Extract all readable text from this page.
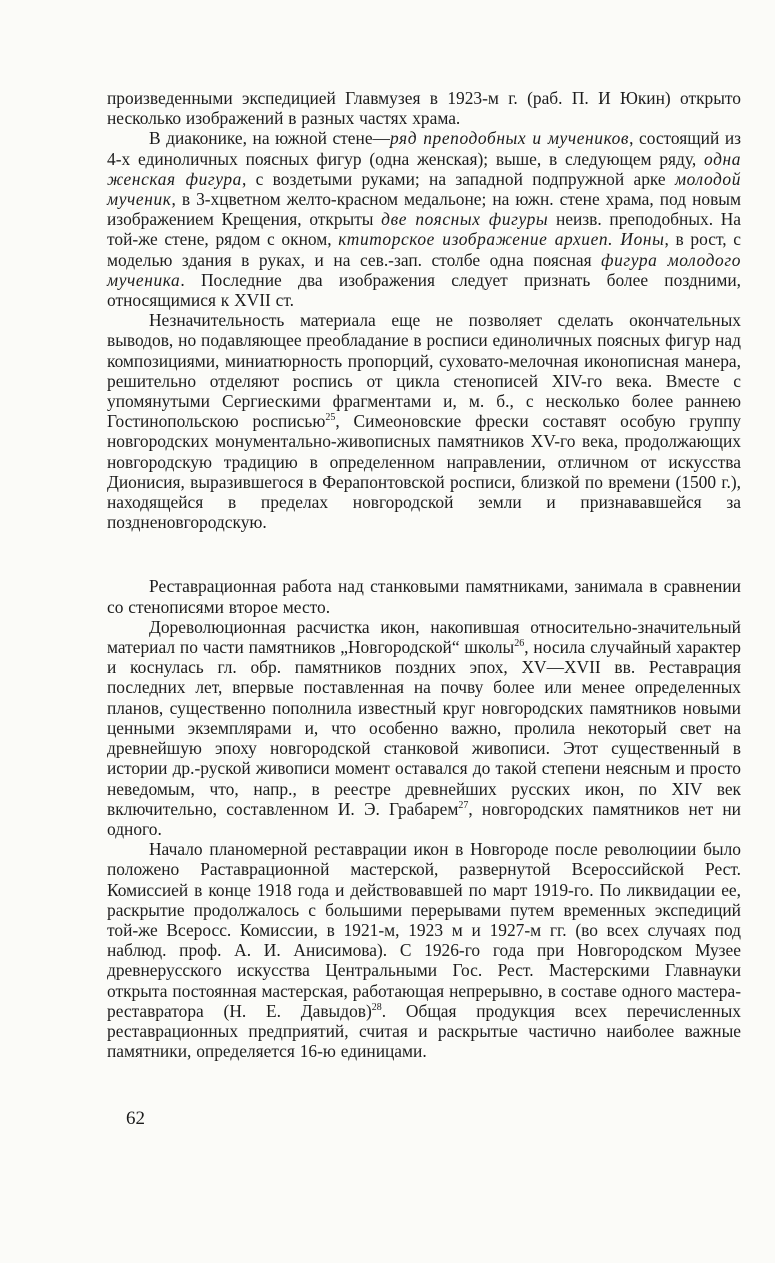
произведенными экспедицией Главмузея в 1923-м г. (раб. П. И Юкин) открыто несколько изображений в разных частях храма.

В диаконике, на южной стене—ряд преподобных и мучеников, состоящий из 4-х единоличных поясных фигур (одна женская); выше, в следующем ряду, одна женская фигура, с воздетыми руками; на западной подпружной арке молодой мученик, в 3-хцветном желто-красном медальоне; на южн. стене храма, под новым изображением Крещения, открыты две поясных фигуры неизв. преподобных. На той-же стене, рядом с окном, ктиторское изображение архиеп. Ионы, в рост, с моделью здания в руках, и на сев.-зап. столбе одна поясная фигура молодого мученика. Последние два изображения следует признать более поздними, относящимися к XVII ст.

Незначительность материала еще не позволяет сделать окончательных выводов, но подавляющее преобладание в росписи единоличных поясных фигур над композициями, миниатюрность пропорций, суховато-мелочная иконописная манера, решительно отделяют роспись от цикла стенописей XIV-го века. Вместе с упомянутыми Сергиескими фрагментами и, м. б., с несколько более раннею Гостинопольскою росписью$^{25}$, Симеоновские фрески составят особую группу новгородских монументально-живописных памятников XV-го века, продолжающих новгородскую традицию в определенном направлении, отличном от искусства Дионисия, выразившегося в Ферапонтовской росписи, близкой по времени (1500 г.), находящейся в пределах новгородской земли и признававшейся за поздненовгородскую.

Реставрационная работа над станковыми памятниками, занимала в сравнении со стенописями второе место.

Дореволюционная расчистка икон, накопившая относительно-значительный материал по части памятников „Новгородской“ школы$^{26}$, носила случайный характер и коснулась гл. обр. памятников поздних эпох, XV—XVII вв. Реставрация последних лет, впервые поставленная на почву более или менее определенных планов, существенно пополнила известный круг новгородских памятников новыми ценными экземплярами и, что особенно важно, пролила некоторый свет на древнейшую эпоху новгородской станковой живописи. Этот существенный в истории др.-руской живописи момент оставался до такой степени неясным и просто неведомым, что, напр., в реестре древнейших русских икон, по XIV век включительно, составленном И. Э. Грабарем$^{27}$, новгородских памятников нет ни одного.

Начало планомерной реставрации икон в Новгороде после революциии было положено Раставрационной мастерской, развернутой Всероссийской Рест. Комиссией в конце 1918 года и действовавшей по март 1919-го. По ликвидации ее, раскрытие продолжалось с большими перерывами путем временных экспедиций той-же Всеросс. Комиссии, в 1921-м, 1923 м и 1927-м гг. (во всех случаях под наблюд. проф. А. И. Анисимова). С 1926-го года при Новгородском Музее древнерусского искусства Центральными Гос. Рест. Мастерскими Главнауки открыта постоянная мастерская, работающая непрерывно, в составе одного мастера-реставратора (Н. Е. Давыдов)$^{28}$. Общая продукция всех перечисленных реставрационных предприятий, считая и раскрытые частично наиболее важные памятники, определяется 16-ю единицами.

62
